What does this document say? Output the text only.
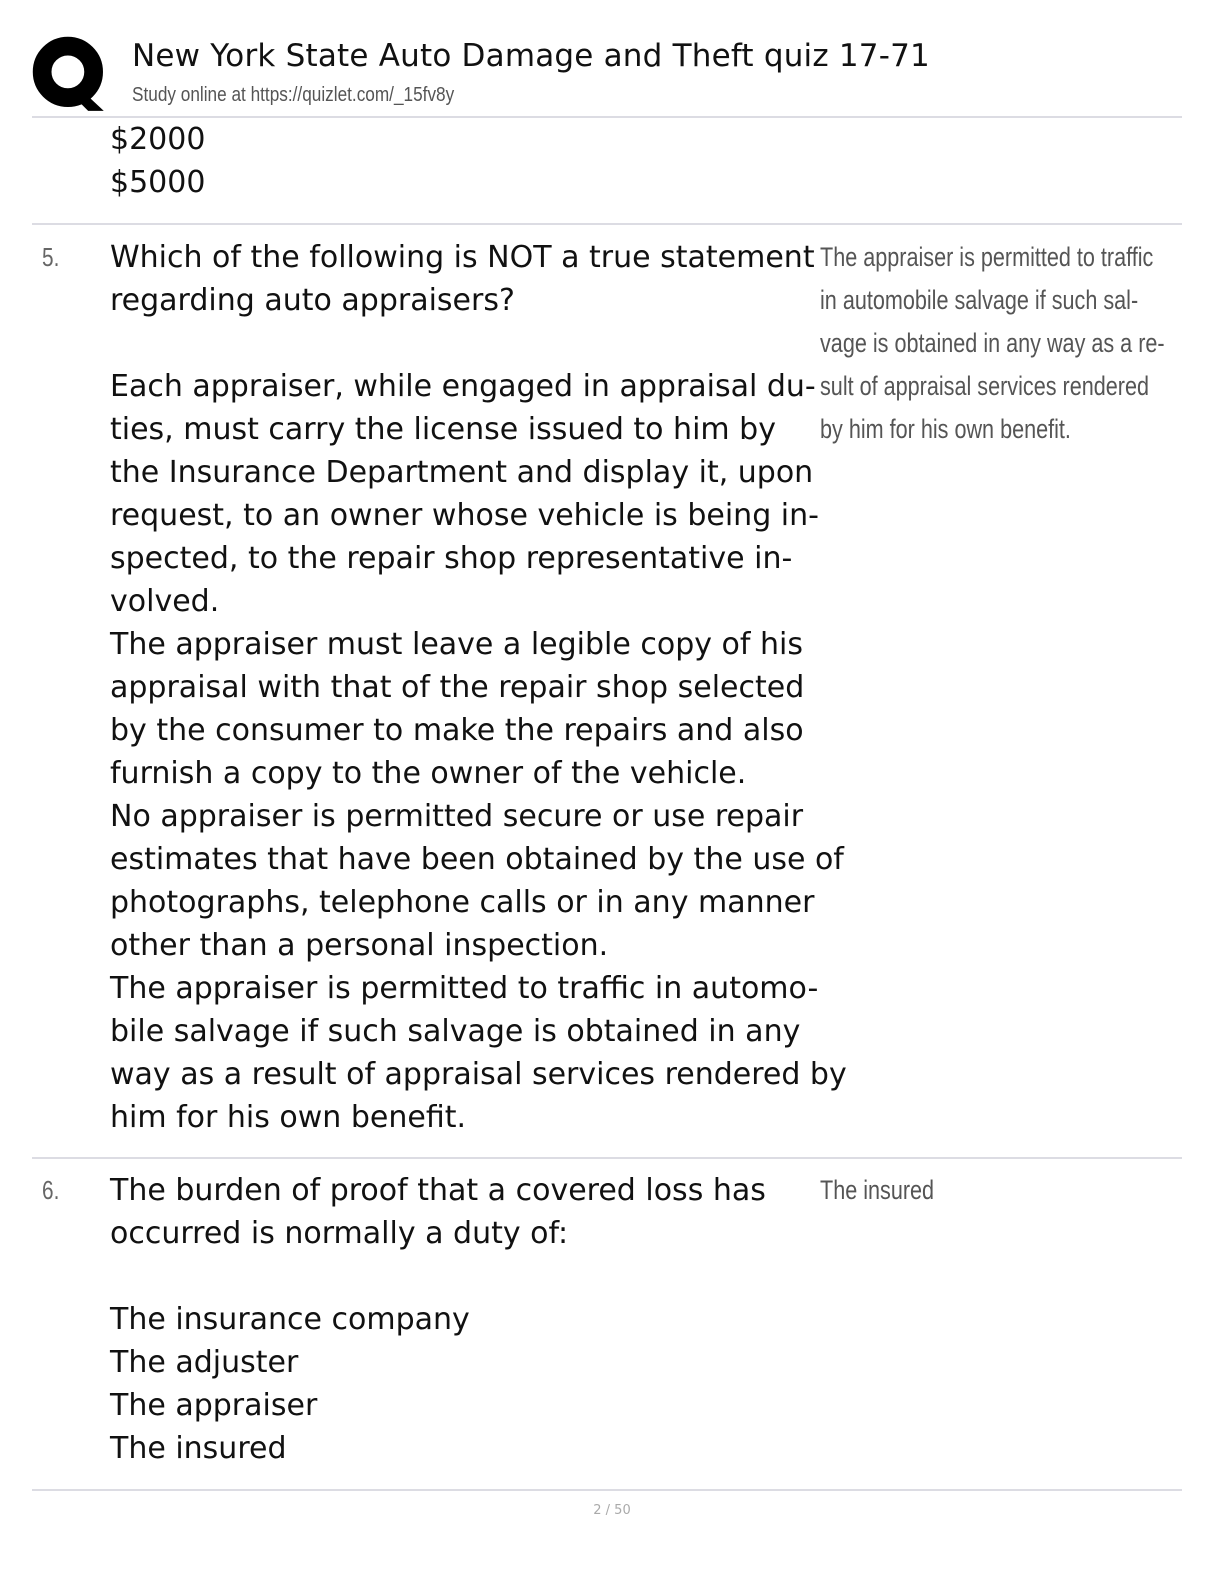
New York State Auto Damage and Theft quiz 17-71
Study online at https://quizlet.com/_15fv8y
$2000
$5000
5. Which of the following is NOT a true statement
regarding auto appraisers?
Each appraiser, while engaged in appraisal du-
ties, must carry the license issued to him by
the Insurance Department and display it, upon
request, to an owner whose vehicle is being in-
spected, to the repair shop representative in-
volved.
The appraiser must leave a legible copy of his
appraisal with that of the repair shop selected
by the consumer to make the repairs and also
furnish a copy to the owner of the vehicle.
No appraiser is permitted secure or use repair
estimates that have been obtained by the use of
photographs, telephone calls or in any manner
other than a personal inspection.
The appraiser is permitted to traffic in automo-
bile salvage if such salvage is obtained in any
way as a result of appraisal services rendered by
him for his own benefit.
The appraiser is permitted to traffic
in automobile salvage if such sal-
vage is obtained in any way as a re-
sult of appraisal services rendered
by him for his own benefit.
6. The burden of proof that a covered loss has
occurred is normally a duty of:
The insurance company
The adjuster
The appraiser
The insured
The insured
2 / 50
